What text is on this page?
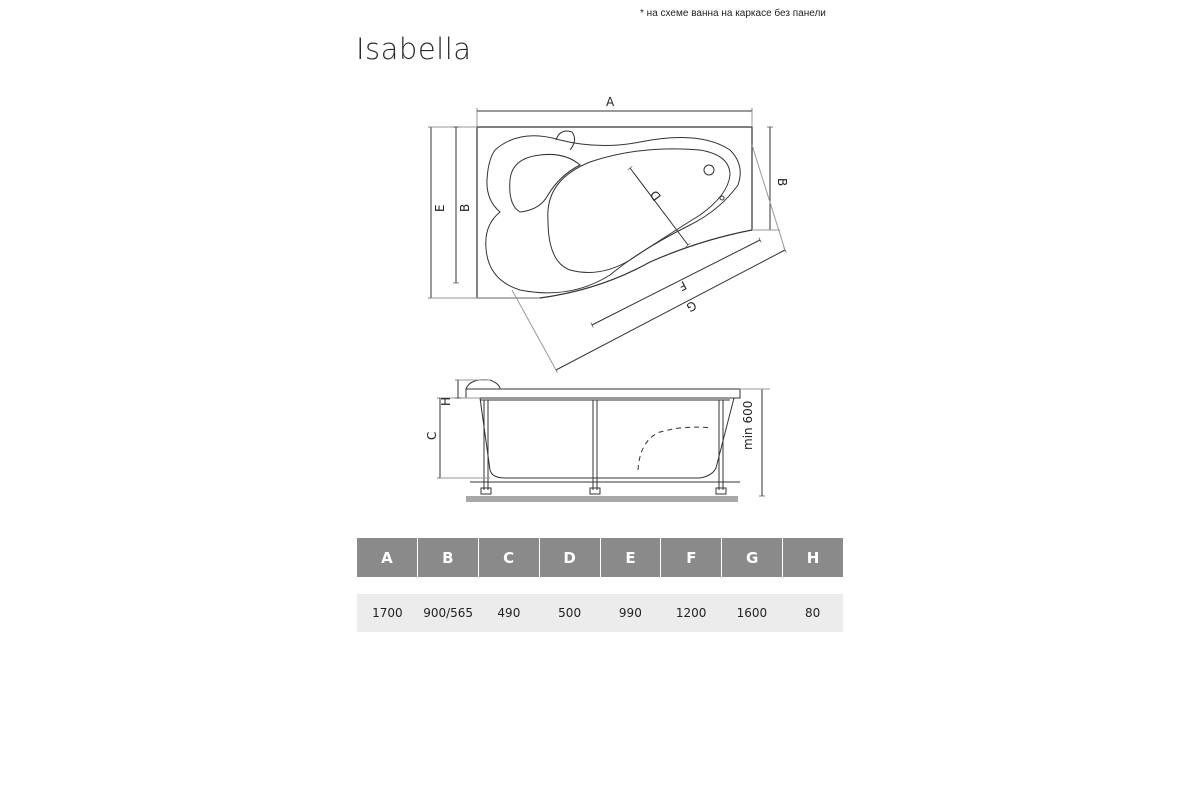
* на схеме ванна на каркасе без панели
Isabella
A
E B
B
D
F
G
C
H	min 600
A	B	C	D	E	F	G	H
1700	900/565	490	500	990	1200	1600	80
